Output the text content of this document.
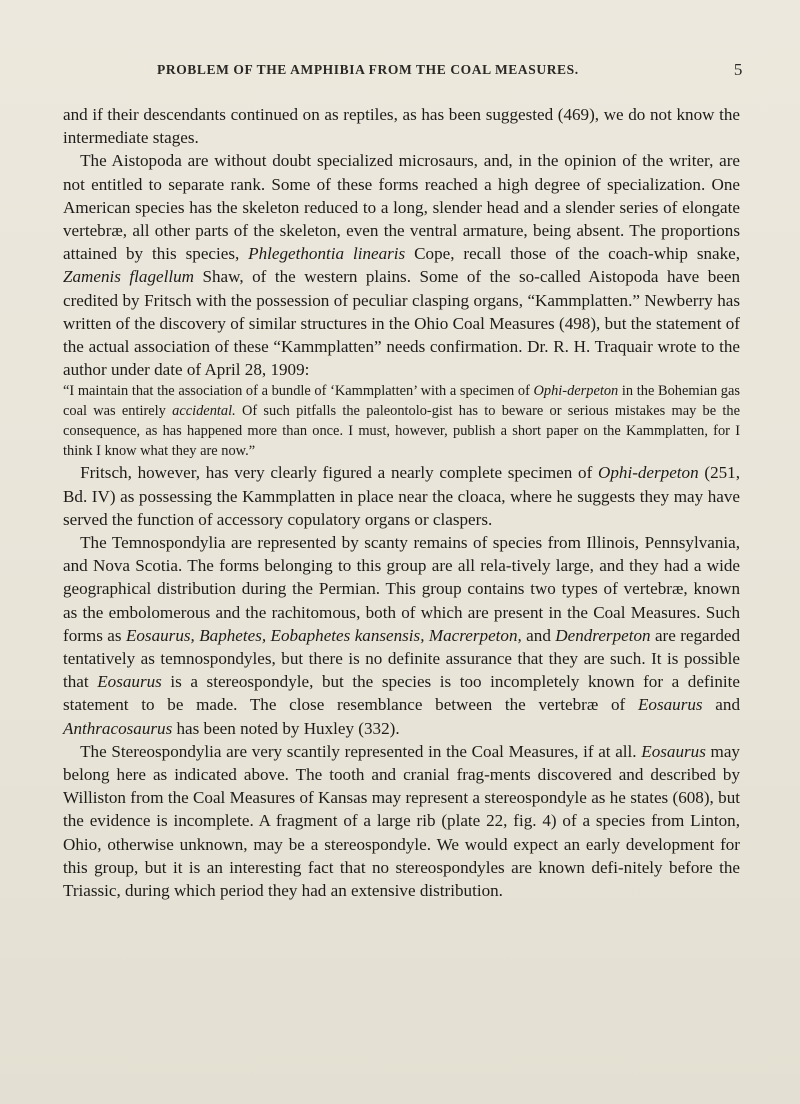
PROBLEM OF THE AMPHIBIA FROM THE COAL MEASURES.	5

and if their descendants continued on as reptiles, as has been suggested (469), we do not know the intermediate stages.

 The Aistopoda are without doubt specialized microsaurs, and, in the opinion of the writer, are not entitled to separate rank. Some of these forms reached a high degree of specialization. One American species has the skeleton reduced to a long, slender head and a slender series of elongate vertebræ, all other parts of the skeleton, even the ventral armature, being absent. The proportions attained by this species, Phlegethontia linearis Cope, recall those of the coach-whip snake, Zamenis flagellum Shaw, of the western plains. Some of the so-called Aistopoda have been credited by Fritsch with the possession of peculiar clasping organs, “Kammplatten.” Newberry has written of the discovery of similar structures in the Ohio Coal Measures (498), but the statement of the actual association of these “Kammplatten” needs confirmation. Dr. R. H. Traquair wrote to the author under date of April 28, 1909:

“I maintain that the association of a bundle of ‘Kammplatten’ with a specimen of Ophi-derpeton in the Bohemian gas coal was entirely accidental. Of such pitfalls the paleontolo-gist has to beware or serious mistakes may be the consequence, as has happened more than once. I must, however, publish a short paper on the Kammplatten, for I think I know what they are now.”

 Fritsch, however, has very clearly figured a nearly complete specimen of Ophi-derpeton (251, Bd. IV) as possessing the Kammplatten in place near the cloaca, where he suggests they may have served the function of accessory copulatory organs or claspers.

 The Temnospondylia are represented by scanty remains of species from Illinois, Pennsylvania, and Nova Scotia. The forms belonging to this group are all rela-tively large, and they had a wide geographical distribution during the Permian. This group contains two types of vertebræ, known as the embolomerous and the rachitomous, both of which are present in the Coal Measures. Such forms as Eosaurus, Baphetes, Eobaphetes kansensis, Macrerpeton, and Dendrerpeton are regarded tentatively as temnospondyles, but there is no definite assurance that they are such. It is possible that Eosaurus is a stereospondyle, but the species is too incompletely known for a definite statement to be made. The close resemblance between the vertebræ of Eosaurus and Anthracosaurus has been noted by Huxley (332).

 The Stereospondylia are very scantily represented in the Coal Measures, if at all. Eosaurus may belong here as indicated above. The tooth and cranial frag-ments discovered and described by Williston from the Coal Measures of Kansas may represent a stereospondyle as he states (608), but the evidence is incomplete. A fragment of a large rib (plate 22, fig. 4) of a species from Linton, Ohio, otherwise unknown, may be a stereospondyle. We would expect an early development for this group, but it is an interesting fact that no stereospondyles are known defi-nitely before the Triassic, during which period they had an extensive distribution.
